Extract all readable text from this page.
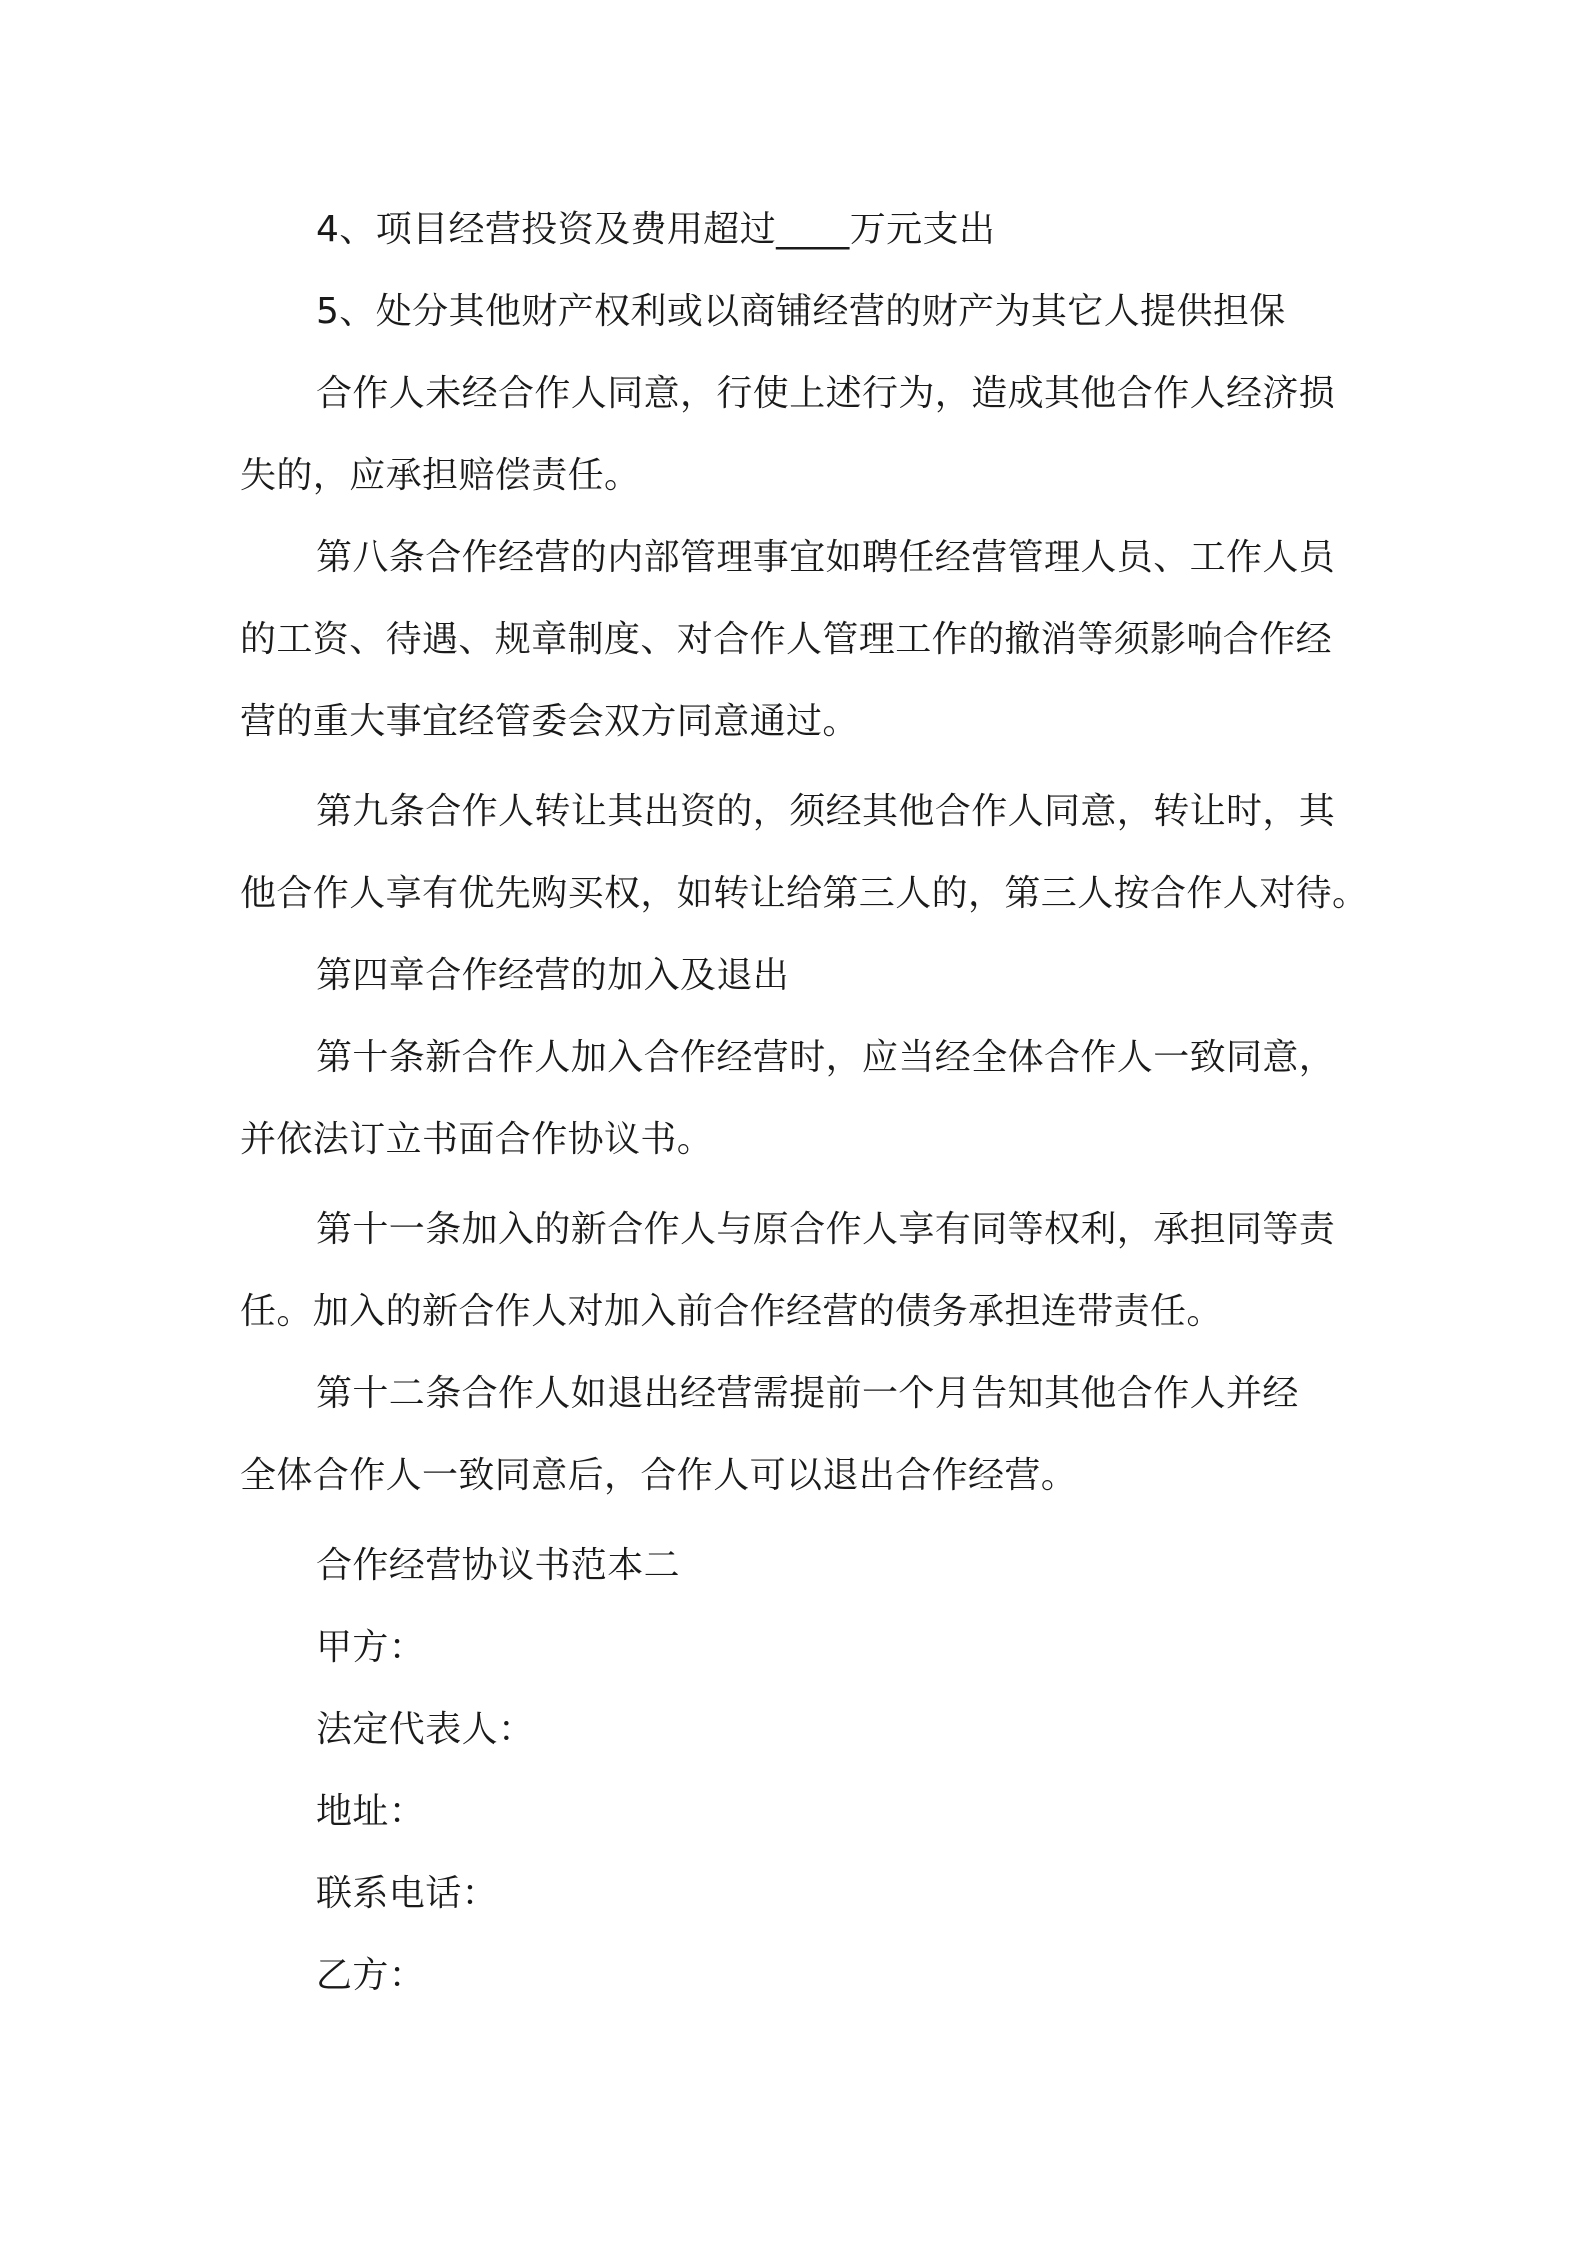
4、项目经营投资及费用超过____万元支出
5、处分其他财产权利或以商铺经营的财产为其它人提供担保
合作人未经合作人同意，行使上述行为，造成其他合作人经济损
失的，应承担赔偿责任。
第八条合作经营的内部管理事宜如聘任经营管理人员、工作人员
的工资、待遇、规章制度、对合作人管理工作的撤消等须影响合作经
营的重大事宜经管委会双方同意通过。
第九条合作人转让其出资的，须经其他合作人同意，转让时，其
他合作人享有优先购买权，如转让给第三人的，第三人按合作人对待。
第四章合作经营的加入及退出
第十条新合作人加入合作经营时，应当经全体合作人一致同意，
并依法订立书面合作协议书。
第十一条加入的新合作人与原合作人享有同等权利，承担同等责
任。加入的新合作人对加入前合作经营的债务承担连带责任。
第十二条合作人如退出经营需提前一个月告知其他合作人并经
全体合作人一致同意后，合作人可以退出合作经营。
合作经营协议书范本二
甲方：
法定代表人：
地址：
联系电话：
乙方：
